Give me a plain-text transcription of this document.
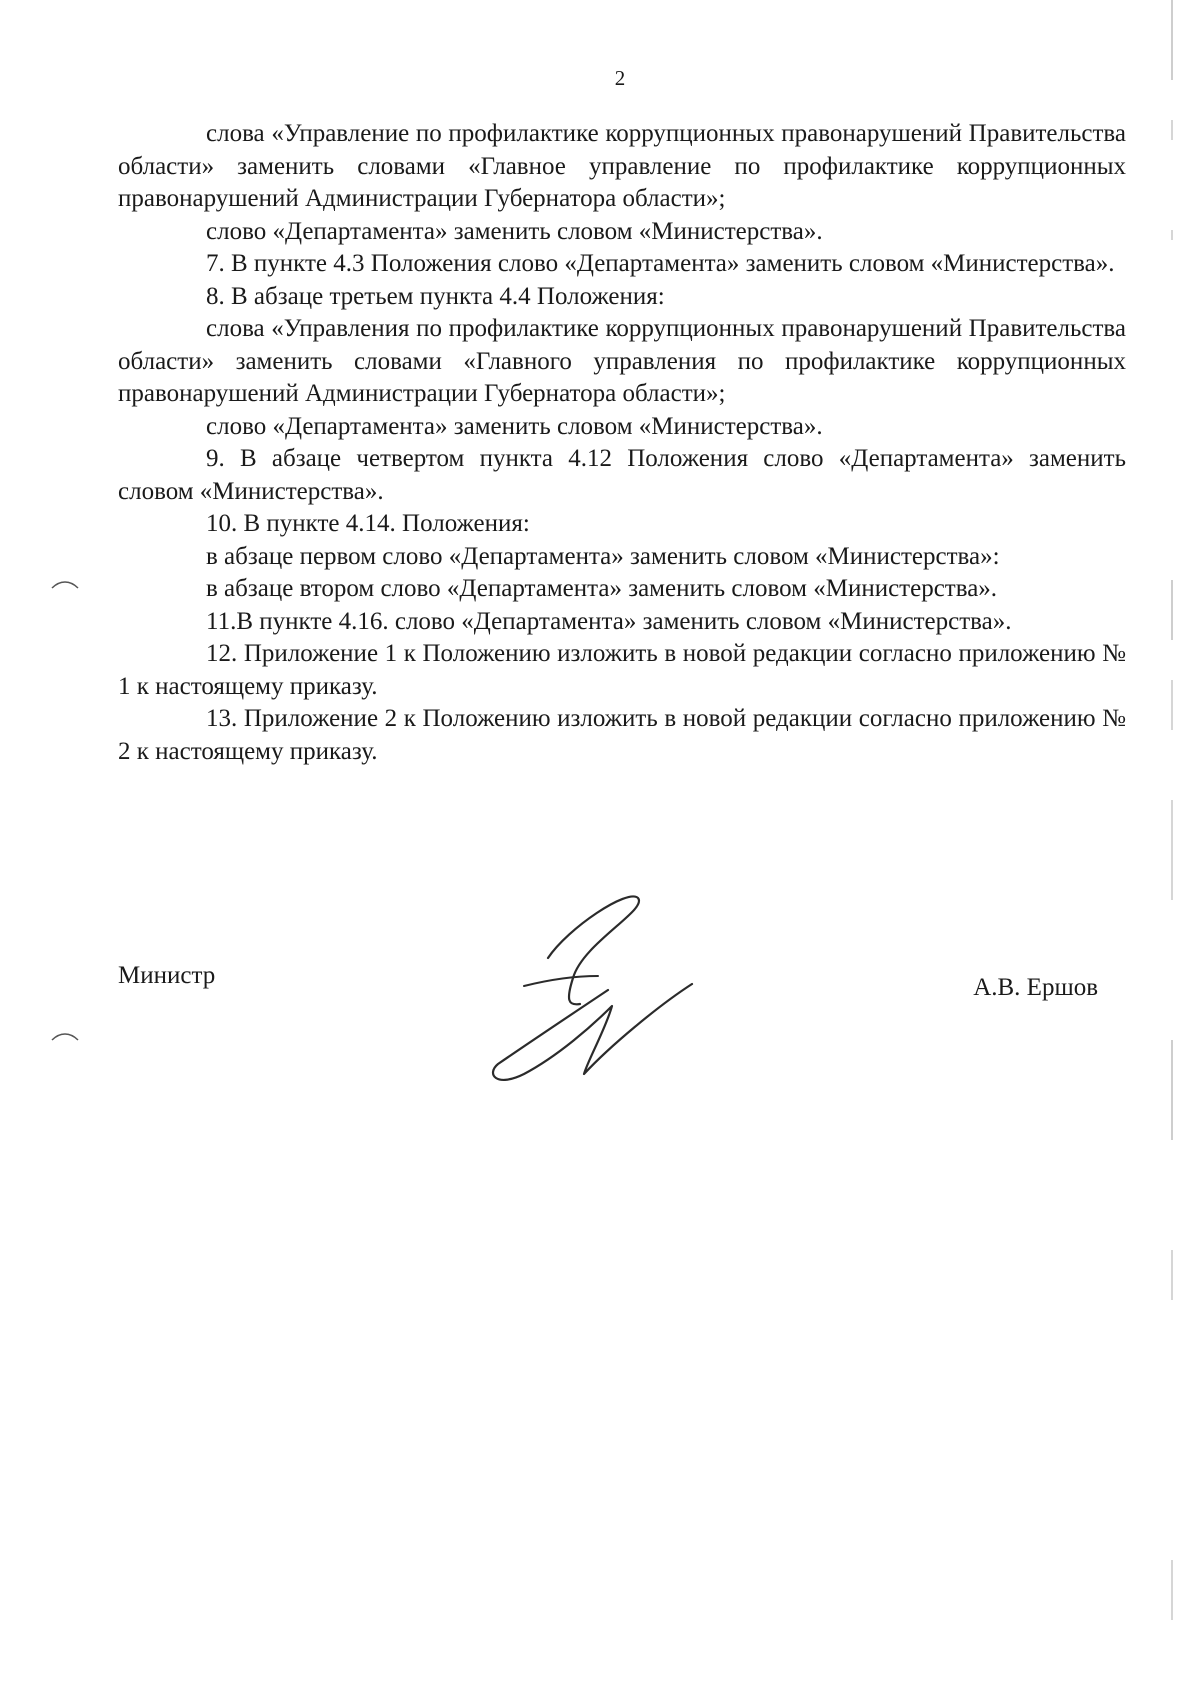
2

слова «Управление по профилактике коррупционных правонарушений Правительства области» заменить словами «Главное управление по профилактике коррупционных правонарушений Администрации Губернатора области»;

слово «Департамента» заменить словом «Министерства».

7. В пункте 4.3 Положения слово «Департамента» заменить словом «Министерства».

8. В абзаце третьем пункта 4.4 Положения:

слова «Управления по профилактике коррупционных правонарушений Правительства области» заменить словами «Главного управления по профилактике коррупционных правонарушений Администрации Губернатора области»;

слово «Департамента» заменить словом «Министерства».

9. В абзаце четвертом пункта 4.12 Положения слово «Департамента» заменить словом «Министерства».

10. В пункте 4.14. Положения:

в абзаце первом слово «Департамента» заменить словом «Министерства»:

в абзаце втором слово «Департамента» заменить словом «Министерства».

11.В пункте 4.16. слово «Департамента» заменить словом «Министерства».

12. Приложение 1 к Положению изложить в новой редакции согласно приложению № 1 к настоящему приказу.

13. Приложение 2 к Положению изложить в новой редакции согласно приложению № 2 к настоящему приказу.

Министр	А.В. Ершов
